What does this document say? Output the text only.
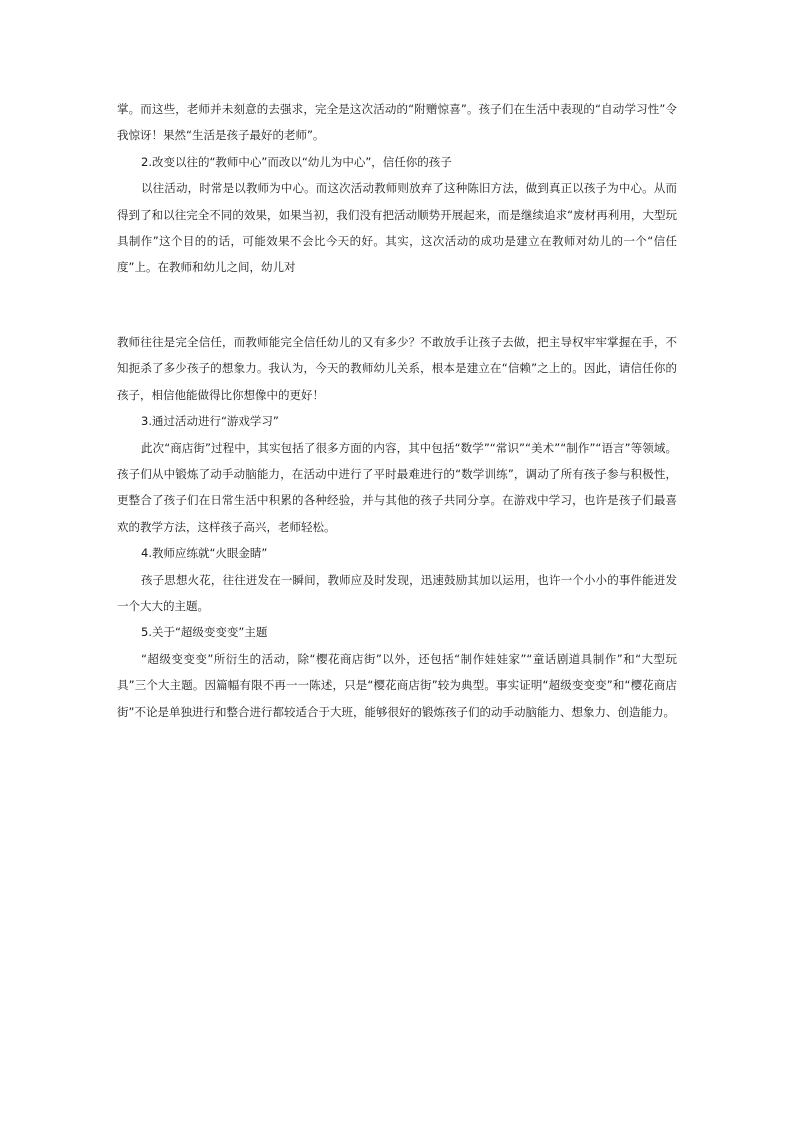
掌。而这些，老师并未刻意的去强求，完全是这次活动的“附赠惊喜”。孩子们在生活中表现的“自动学习性”令我惊讶！果然“生活是孩子最好的老师”。

2.改变以往的“教师中心”而改以“幼儿为中心”，信任你的孩子

以往活动，时常是以教师为中心。而这次活动教师则放弃了这种陈旧方法，做到真正以孩子为中心。从而得到了和以往完全不同的效果，如果当初，我们没有把活动顺势开展起来，而是继续追求“废材再利用，大型玩具制作”这个目的的话，可能效果不会比今天的好。其实，这次活动的成功是建立在教师对幼儿的一个“信任度”上。在教师和幼儿之间，幼儿对

教师往往是完全信任，而教师能完全信任幼儿的又有多少？不敢放手让孩子去做，把主导权牢牢掌握在手，不知扼杀了多少孩子的想象力。我认为，今天的教师幼儿关系，根本是建立在“信赖”之上的。因此，请信任你的孩子，相信他能做得比你想像中的更好！

3.通过活动进行“游戏学习”

此次“商店街”过程中，其实包括了很多方面的内容，其中包括“数学”“常识”“美术”“制作”“语言”等领域。孩子们从中锻炼了动手动脑能力，在活动中进行了平时最难进行的“数学训练”，调动了所有孩子参与积极性，更整合了孩子们在日常生活中积累的各种经验，并与其他的孩子共同分享。在游戏中学习，也许是孩子们最喜欢的教学方法，这样孩子高兴，老师轻松。

4.教师应练就“火眼金睛”

孩子思想火花，往往迸发在一瞬间，教师应及时发现，迅速鼓励其加以运用，也许一个小小的事件能迸发一个大大的主题。

5.关于“超级变变变”主题

“超级变变变”所衍生的活动，除“樱花商店街”以外，还包括“制作娃娃家”“童话剧道具制作”和“大型玩具”三个大主题。因篇幅有限不再一一陈述，只是“樱花商店街”较为典型。事实证明“超级变变变”和“樱花商店街”不论是单独进行和整合进行都较适合于大班，能够很好的锻炼孩子们的动手动脑能力、想象力、创造能力。
